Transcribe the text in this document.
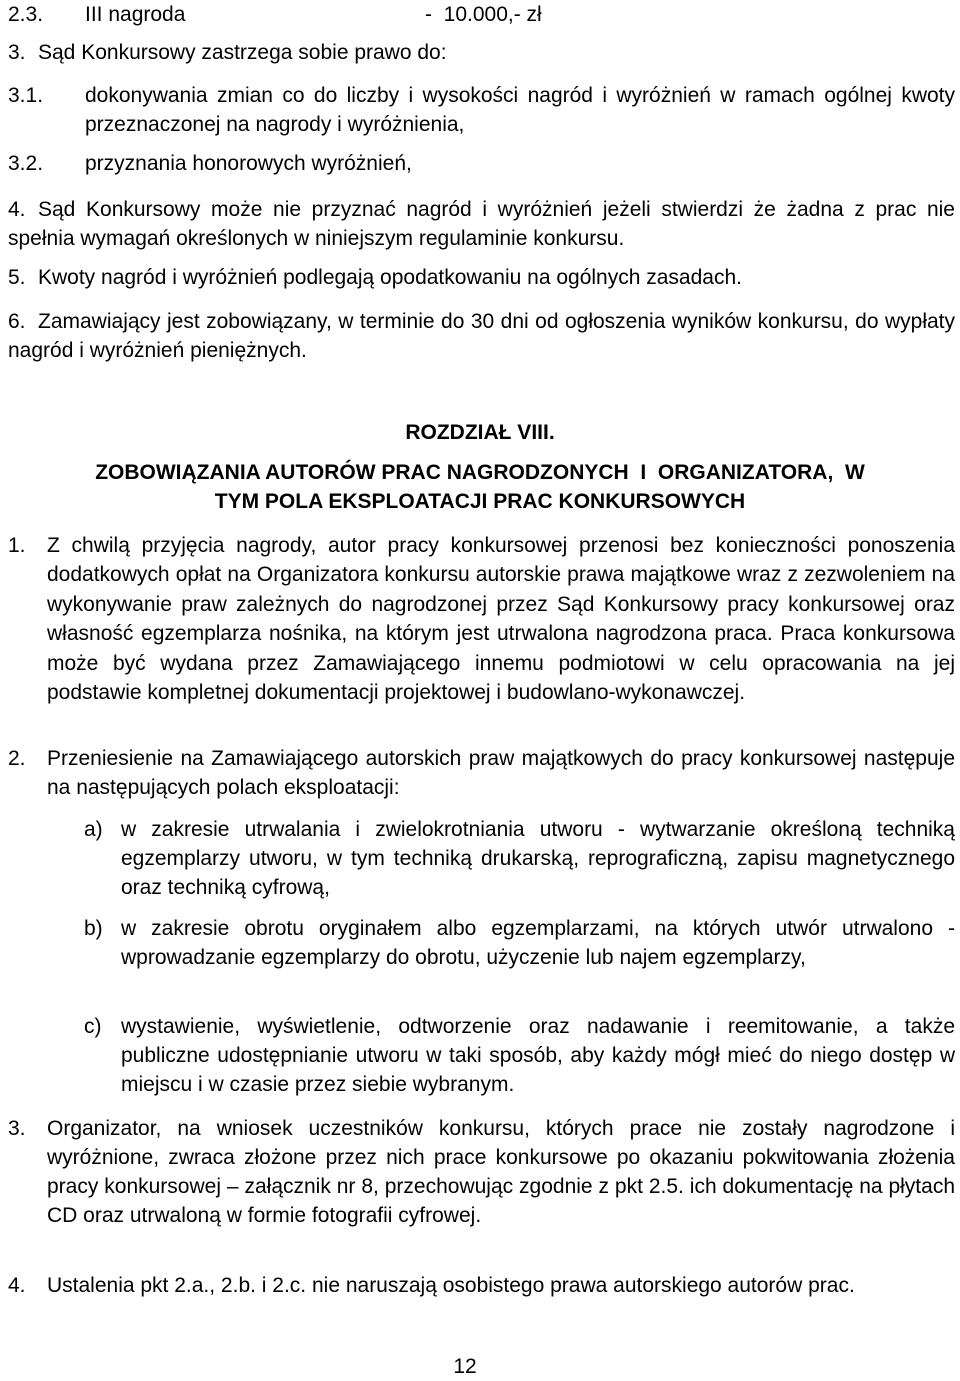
2.3. III nagroda	-  10.000,- zł
3. Sąd Konkursowy zastrzega sobie prawo do:
3.1. dokonywania zmian co do liczby i wysokości nagród i wyróżnień w ramach ogólnej kwoty przeznaczonej na nagrody i wyróżnienia,
3.2. przyznania honorowych wyróżnień,
4. Sąd Konkursowy może nie przyznać nagród i wyróżnień jeżeli stwierdzi że żadna z prac nie spełnia wymagań określonych w niniejszym regulaminie konkursu.
5. Kwoty nagród i wyróżnień podlegają opodatkowaniu na ogólnych zasadach.
6. Zamawiający jest zobowiązany, w terminie do 30 dni od ogłoszenia wyników konkursu, do wypłaty nagród i wyróżnień pieniężnych.
ROZDZIAŁ VIII.
ZOBOWIĄZANIA AUTORÓW PRAC NAGRODZONYCH  I  ORGANIZATORA,  W
TYM POLA EKSPLOATACJI PRAC KONKURSOWYCH
1. Z chwilą przyjęcia nagrody, autor pracy konkursowej przenosi bez konieczności ponoszenia dodatkowych opłat na Organizatora konkursu autorskie prawa majątkowe wraz z zezwoleniem na wykonywanie praw zależnych do nagrodzonej przez Sąd Konkursowy pracy konkursowej oraz własność egzemplarza nośnika, na którym jest utrwalona nagrodzona praca. Praca konkursowa może być wydana przez Zamawiającego innemu podmiotowi w celu opracowania na jej podstawie kompletnej dokumentacji projektowej i budowlano-wykonawczej.
2. Przeniesienie na Zamawiającego autorskich praw majątkowych do pracy konkursowej następuje na następujących polach eksploatacji:
a) w zakresie utrwalania i zwielokrotniania utworu - wytwarzanie określoną techniką egzemplarzy utworu, w tym techniką drukarską, reprograficzną, zapisu magnetycznego oraz techniką cyfrową,
b) w zakresie obrotu oryginałem albo egzemplarzami, na których utwór utrwalono - wprowadzanie egzemplarzy do obrotu, użyczenie lub najem egzemplarzy,
c) wystawienie, wyświetlenie, odtworzenie oraz nadawanie i reemitowanie, a także publiczne udostępnianie utworu w taki sposób, aby każdy mógł mieć do niego dostęp w miejscu i w czasie przez siebie wybranym.
3. Organizator, na wniosek uczestników konkursu, których prace nie zostały nagrodzone i wyróżnione, zwraca złożone przez nich prace konkursowe po okazaniu pokwitowania złożenia pracy konkursowej – załącznik nr 8, przechowując zgodnie z pkt 2.5. ich dokumentację na płytach CD oraz utrwaloną w formie fotografii cyfrowej.
4. Ustalenia pkt 2.a., 2.b. i 2.c. nie naruszają osobistego prawa autorskiego autorów prac.
12
